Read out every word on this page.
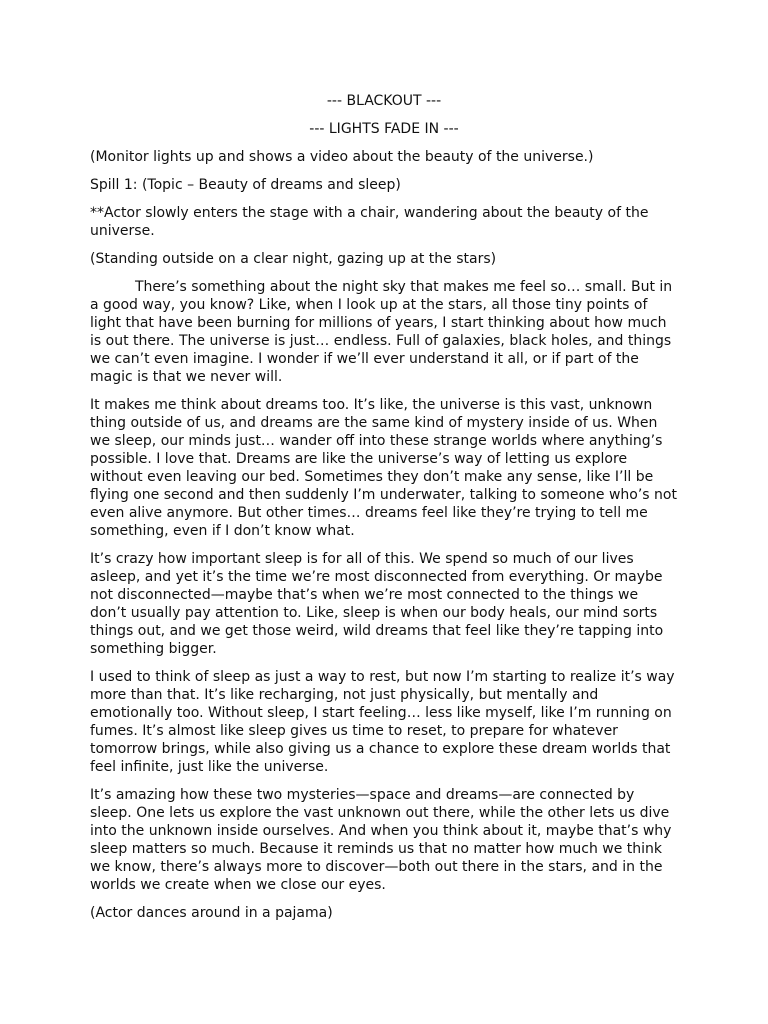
--- BLACKOUT ---

--- LIGHTS FADE IN ---

(Monitor lights up and shows a video about the beauty of the universe.)

Spill 1: (Topic – Beauty of dreams and sleep)

**Actor slowly enters the stage with a chair, wandering about the beauty of the universe.

(Standing outside on a clear night, gazing up at the stars)

There’s something about the night sky that makes me feel so… small. But in a good way, you know? Like, when I look up at the stars, all those tiny points of light that have been burning for millions of years, I start thinking about how much is out there. The universe is just… endless. Full of galaxies, black holes, and things we can’t even imagine. I wonder if we’ll ever understand it all, or if part of the magic is that we never will.

It makes me think about dreams too. It’s like, the universe is this vast, unknown thing outside of us, and dreams are the same kind of mystery inside of us. When we sleep, our minds just… wander off into these strange worlds where anything’s possible. I love that. Dreams are like the universe’s way of letting us explore without even leaving our bed. Sometimes they don’t make any sense, like I’ll be flying one second and then suddenly I’m underwater, talking to someone who’s not even alive anymore. But other times… dreams feel like they’re trying to tell me something, even if I don’t know what.

It’s crazy how important sleep is for all of this. We spend so much of our lives asleep, and yet it’s the time we’re most disconnected from everything. Or maybe not disconnected—maybe that’s when we’re most connected to the things we don’t usually pay attention to. Like, sleep is when our body heals, our mind sorts things out, and we get those weird, wild dreams that feel like they’re tapping into something bigger.

I used to think of sleep as just a way to rest, but now I’m starting to realize it’s way more than that. It’s like recharging, not just physically, but mentally and emotionally too. Without sleep, I start feeling… less like myself, like I’m running on fumes. It’s almost like sleep gives us time to reset, to prepare for whatever tomorrow brings, while also giving us a chance to explore these dream worlds that feel infinite, just like the universe.

It’s amazing how these two mysteries—space and dreams—are connected by sleep. One lets us explore the vast unknown out there, while the other lets us dive into the unknown inside ourselves. And when you think about it, maybe that’s why sleep matters so much. Because it reminds us that no matter how much we think we know, there’s always more to discover—both out there in the stars, and in the worlds we create when we close our eyes.

(Actor dances around in a pajama)
